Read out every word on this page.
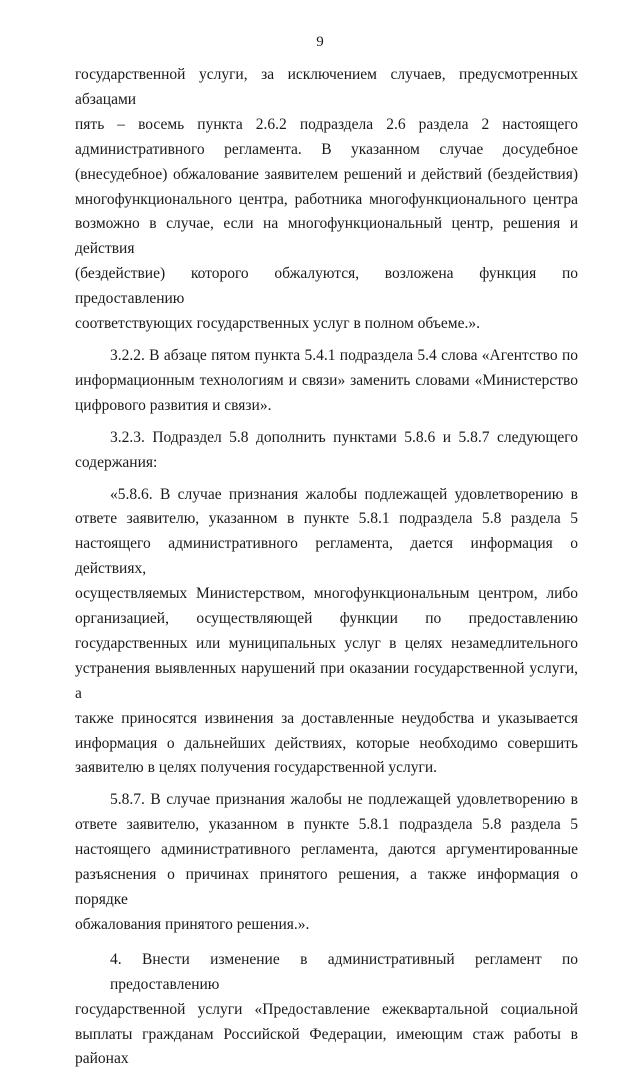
9
государственной услуги, за исключением случаев, предусмотренных абзацами
пять – восемь пункта 2.6.2 подраздела 2.6 раздела 2 настоящего
административного регламента. В указанном случае досудебное
(внесудебное) обжалование заявителем решений и действий (бездействия)
многофункционального центра, работника многофункционального центра
возможно в случае, если на многофункциональный центр, решения и действия
(бездействие) которого обжалуются, возложена функция по предоставлению
соответствующих государственных услуг в полном объеме.».
3.2.2. В абзаце пятом пункта 5.4.1 подраздела 5.4 слова «Агентство по
информационным технологиям и связи» заменить словами «Министерство
цифрового развития и связи».
3.2.3. Подраздел 5.8 дополнить пунктами 5.8.6 и 5.8.7 следующего
содержания:
«5.8.6. В случае признания жалобы подлежащей удовлетворению в
ответе заявителю, указанном в пункте 5.8.1 подраздела 5.8 раздела 5
настоящего административного регламента, дается информация о действиях,
осуществляемых Министерством, многофункциональным центром, либо
организацией, осуществляющей функции по предоставлению
государственных или муниципальных услуг в целях незамедлительного
устранения выявленных нарушений при оказании государственной услуги, а
также приносятся извинения за доставленные неудобства и указывается
информация о дальнейших действиях, которые необходимо совершить
заявителю в целях получения государственной услуги.
5.8.7. В случае признания жалобы не подлежащей удовлетворению в
ответе заявителю, указанном в пункте 5.8.1 подраздела 5.8 раздела 5
настоящего административного регламента, даются аргументированные
разъяснения о причинах принятого решения, а также информация о порядке
обжалования принятого решения.».
4. Внести изменение в административный регламент по предоставлению
государственной услуги «Предоставление ежеквартальной социальной
выплаты гражданам Российской Федерации, имеющим стаж работы в районах
